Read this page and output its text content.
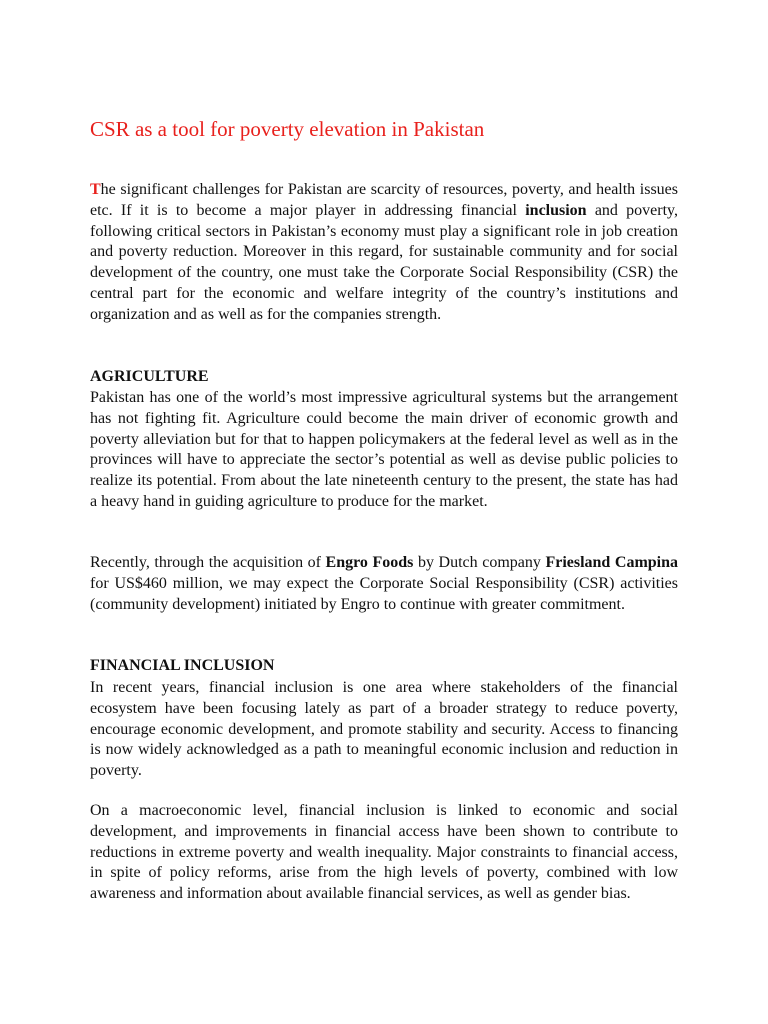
CSR as a tool for poverty elevation in Pakistan

The significant challenges for Pakistan are scarcity of resources, poverty, and health issues etc. If it is to become a major player in addressing financial inclusion and poverty, following critical sectors in Pakistan’s economy must play a significant role in job creation and poverty reduction. Moreover in this regard, for sustainable community and for social development of the country, one must take the Corporate Social Responsibility (CSR) the central part for the economic and welfare integrity of the country’s institutions and organization and as well as for the companies strength.

AGRICULTURE

Pakistan has one of the world’s most impressive agricultural systems but the arrangement has not fighting fit. Agriculture could become the main driver of economic growth and poverty alleviation but for that to happen policymakers at the federal level as well as in the provinces will have to appreciate the sector’s potential as well as devise public policies to realize its potential. From about the late nineteenth century to the present, the state has had a heavy hand in guiding agriculture to produce for the market.

Recently, through the acquisition of Engro Foods by Dutch company Friesland Campina for US$460 million, we may expect the Corporate Social Responsibility (CSR) activities (community development) initiated by Engro to continue with greater commitment.

FINANCIAL INCLUSION

In recent years, financial inclusion is one area where stakeholders of the financial ecosystem have been focusing lately as part of a broader strategy to reduce poverty, encourage economic development, and promote stability and security. Access to financing is now widely acknowledged as a path to meaningful economic inclusion and reduction in poverty.

On a macroeconomic level, financial inclusion is linked to economic and social development, and improvements in financial access have been shown to contribute to reductions in extreme poverty and wealth inequality. Major constraints to financial access, in spite of policy reforms, arise from the high levels of poverty, combined with low awareness and information about available financial services, as well as gender bias.
